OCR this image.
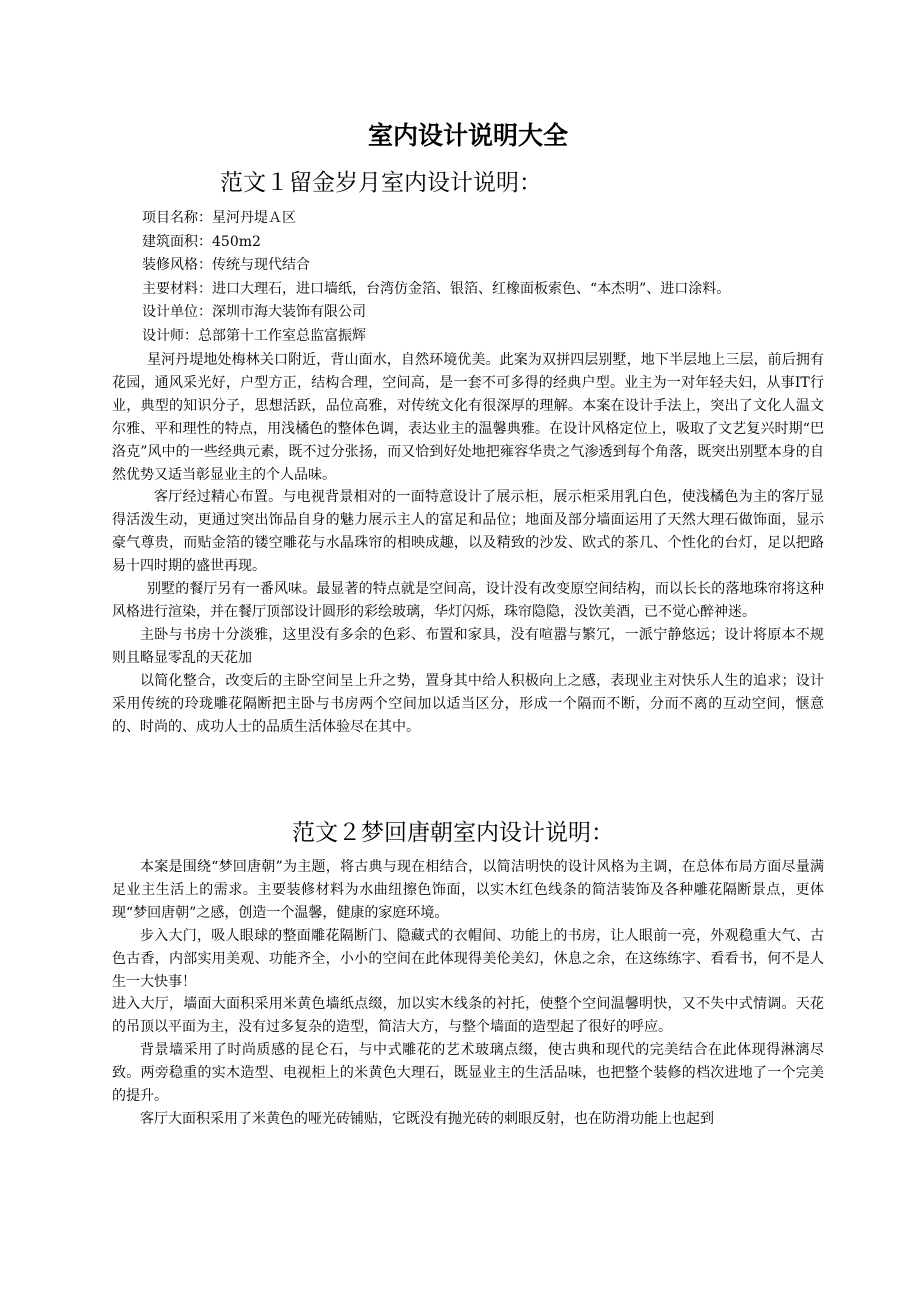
室内设计说明大全
范文１留金岁月室内设计说明：
项目名称：星河丹堤Ａ区
建筑面积：450m2
装修风格：传统与现代结合
主要材料：进口大理石，进口墙纸，台湾仿金箔、银箔、红橡面板索色、“本杰明”、进口涂料。
设计单位：深圳市海大装饰有限公司
设计师：总部第十工作室总监富振辉

星河丹堤地处梅林关口附近，背山面水，自然环境优美。此案为双拼四层别墅，地下半层地上三层，前后拥有花园，通风采光好，户型方正，结构合理，空间高，是一套不可多得的经典户型。业主为一对年轻夫妇，从事IT行业，典型的知识分子，思想活跃，品位高雅，对传统文化有很深厚的理解。本案在设计手法上，突出了文化人温文尔雅、平和理性的特点，用浅橘色的整体色调，表达业主的温馨典雅。在设计风格定位上，吸取了文艺复兴时期“巴洛克”风中的一些经典元素，既不过分张扬，而又恰到好处地把雍容华贵之气渗透到每个角落，既突出别墅本身的自然优势又适当彰显业主的个人品味。

客厅经过精心布置。与电视背景相对的一面特意设计了展示柜，展示柜采用乳白色，使浅橘色为主的客厅显得活泼生动，更通过突出饰品自身的魅力展示主人的富足和品位；地面及部分墙面运用了天然大理石做饰面，显示豪气尊贵，而贴金箔的镂空雕花与水晶珠帘的相映成趣，以及精致的沙发、欧式的茶几、个性化的台灯，足以把路易十四时期的盛世再现。

别墅的餐厅另有一番风味。最显著的特点就是空间高，设计没有改变原空间结构，而以长长的落地珠帘将这种风格进行渲染，并在餐厅顶部设计圆形的彩绘玻璃，华灯闪烁，珠帘隐隐，没饮美酒，已不觉心醉神迷。

主卧与书房十分淡雅，这里没有多余的色彩、布置和家具，没有喧嚣与繁冗，一派宁静悠远；设计将原本不规则且略显零乱的天花加

以简化整合，改变后的主卧空间呈上升之势，置身其中给人积极向上之感，表现业主对快乐人生的追求；设计采用传统的玲珑雕花隔断把主卧与书房两个空间加以适当区分，形成一个隔而不断，分而不离的互动空间，惬意的、时尚的、成功人士的品质生活体验尽在其中。

范文２梦回唐朝室内设计说明：

本案是围绕“梦回唐朝”为主题，将古典与现在相结合，以简洁明快的设计风格为主调，在总体布局方面尽量满足业主生活上的需求。主要装修材料为水曲纽擦色饰面，以实木红色线条的简洁装饰及各种雕花隔断景点，更体现“梦回唐朝”之感，创造一个温馨，健康的家庭环境。

步入大门，吸人眼球的整面雕花隔断门、隐藏式的衣帽间、功能上的书房，让人眼前一亮，外观稳重大气、古色古香，内部实用美观、功能齐全，小小的空间在此体现得美伦美幻，休息之余，在这练练字、看看书，何不是人生一大快事！

进入大厅，墙面大面积采用米黄色墙纸点缀，加以实木线条的衬托，使整个空间温馨明快，又不失中式情调。天花的吊顶以平面为主，没有过多复杂的造型，简洁大方，与整个墙面的造型起了很好的呼应。

背景墙采用了时尚质感的昆仑石，与中式雕花的艺术玻璃点缀，使古典和现代的完美结合在此体现得淋漓尽致。两旁稳重的实木造型、电视柜上的米黄色大理石，既显业主的生活品味，也把整个装修的档次进地了一个完美的提升。

客厅大面积采用了米黄色的哑光砖铺贴，它既没有抛光砖的刺眼反射，也在防滑功能上也起到
